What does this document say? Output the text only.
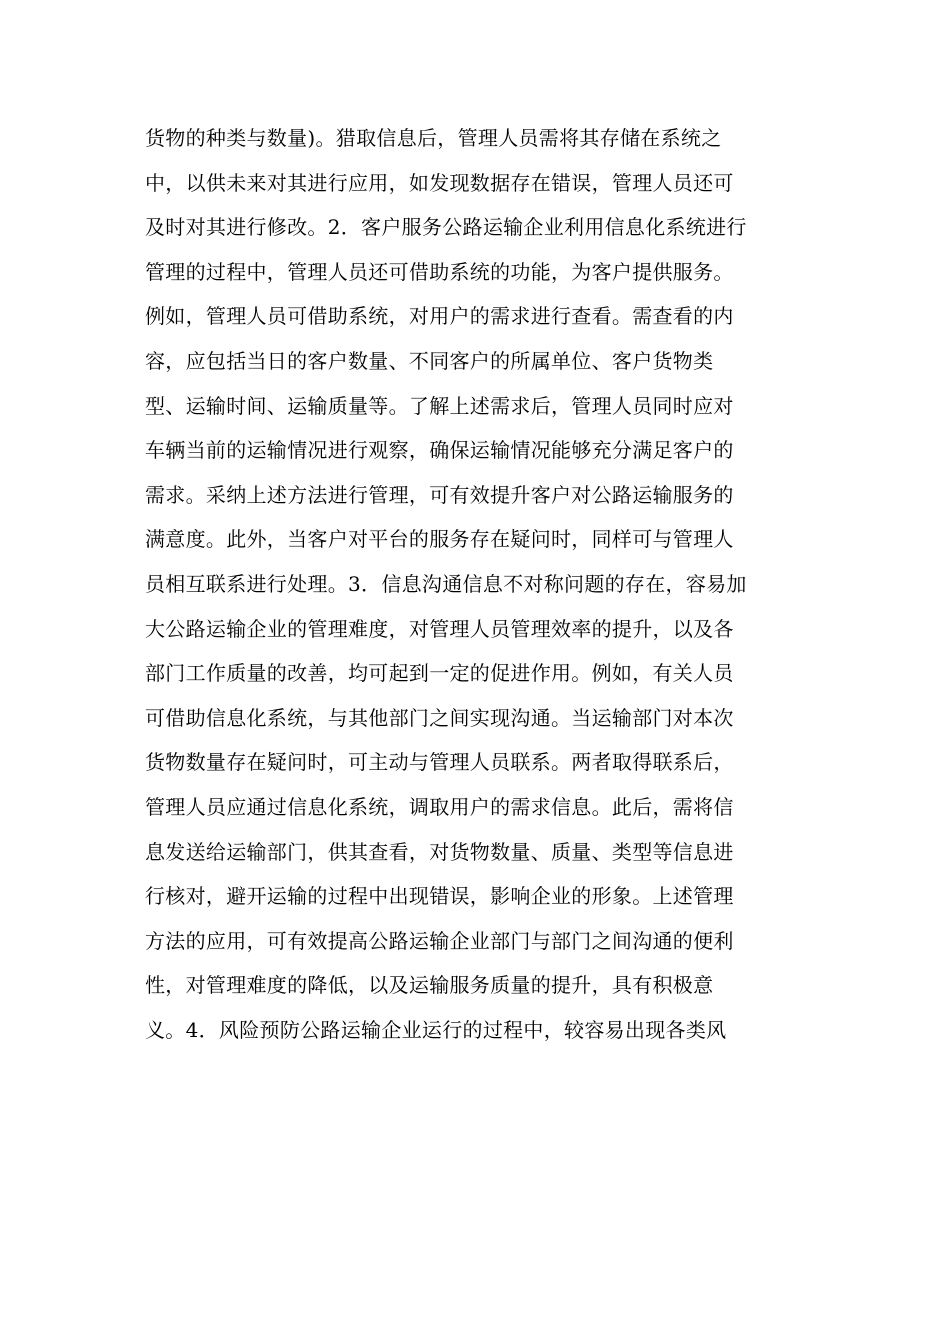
货物的种类与数量)。猎取信息后，管理人员需将其存储在系统之
中，以供未来对其进行应用，如发现数据存在错误，管理人员还可
及时对其进行修改。2．客户服务公路运输企业利用信息化系统进行
管理的过程中，管理人员还可借助系统的功能，为客户提供服务。
例如，管理人员可借助系统，对用户的需求进行查看。需查看的内
容，应包括当日的客户数量、不同客户的所属单位、客户货物类
型、运输时间、运输质量等。了解上述需求后，管理人员同时应对
车辆当前的运输情况进行观察，确保运输情况能够充分满足客户的
需求。采纳上述方法进行管理，可有效提升客户对公路运输服务的
满意度。此外，当客户对平台的服务存在疑问时，同样可与管理人
员相互联系进行处理。3．信息沟通信息不对称问题的存在，容易加
大公路运输企业的管理难度，对管理人员管理效率的提升，以及各
部门工作质量的改善，均可起到一定的促进作用。例如，有关人员
可借助信息化系统，与其他部门之间实现沟通。当运输部门对本次
货物数量存在疑问时，可主动与管理人员联系。两者取得联系后，
管理人员应通过信息化系统，调取用户的需求信息。此后，需将信
息发送给运输部门，供其查看，对货物数量、质量、类型等信息进
行核对，避开运输的过程中出现错误，影响企业的形象。上述管理
方法的应用，可有效提高公路运输企业部门与部门之间沟通的便利
性，对管理难度的降低，以及运输服务质量的提升，具有积极意
义。4．风险预防公路运输企业运行的过程中，较容易出现各类风
